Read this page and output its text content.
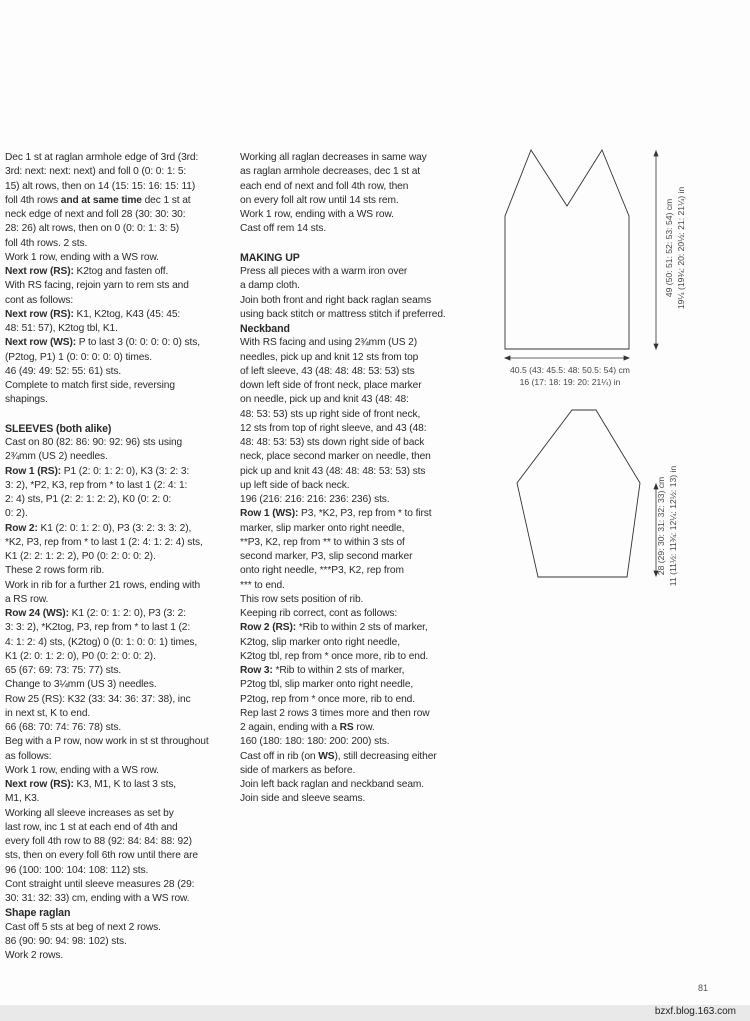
Dec 1 st at raglan armhole edge of 3rd (3rd:
3rd: next: next: next) and foll 0 (0: 0: 1: 5:
15) alt rows, then on 14 (15: 15: 16: 15: 11)
foll 4th rows and at same time dec 1 st at
neck edge of next and foll 28 (30: 30: 30:
28: 26) alt rows, then on 0 (0: 0: 1: 3: 5)
foll 4th rows. 2 sts.
Work 1 row, ending with a WS row.
Next row (RS): K2tog and fasten off.
With RS facing, rejoin yarn to rem sts and
cont as follows:
Next row (RS): K1, K2tog, K43 (45: 45:
48: 51: 57), K2tog tbl, K1.
Next row (WS): P to last 3 (0: 0: 0: 0: 0) sts,
(P2tog, P1) 1 (0: 0: 0: 0: 0) times.
46 (49: 49: 52: 55: 61) sts.
Complete to match first side, reversing
shapings.
SLEEVES (both alike)
Cast on 80 (82: 86: 90: 92: 96) sts using
2¾mm (US 2) needles.
Row 1 (RS): P1 (2: 0: 1: 2: 0), K3 (3: 2: 3:
3: 2), *P2, K3, rep from * to last 1 (2: 4: 1:
2: 4) sts, P1 (2: 2: 1: 2: 2), K0 (0: 2: 0:
0: 2).
Row 2: K1 (2: 0: 1: 2: 0), P3 (3: 2: 3: 3: 2),
*K2, P3, rep from * to last 1 (2: 4: 1: 2: 4) sts,
K1 (2: 2: 1: 2: 2), P0 (0: 2: 0: 0: 2).
These 2 rows form rib.
Work in rib for a further 21 rows, ending with
a RS row.
Row 24 (WS): K1 (2: 0: 1: 2: 0), P3 (3: 2:
3: 3: 2), *K2tog, P3, rep from * to last 1 (2:
4: 1: 2: 4) sts, (K2tog) 0 (0: 1: 0: 0: 1) times,
K1 (2: 0: 1: 2: 0), P0 (0: 2: 0: 0: 2).
65 (67: 69: 73: 75: 77) sts.
Change to 3¼mm (US 3) needles.
Row 25 (RS): K32 (33: 34: 36: 37: 38), inc
in next st, K to end.
66 (68: 70: 74: 76: 78) sts.
Beg with a P row, now work in st st throughout
as follows:
Work 1 row, ending with a WS row.
Next row (RS): K3, M1, K to last 3 sts,
M1, K3.
Working all sleeve increases as set by
last row, inc 1 st at each end of 4th and
every foll 4th row to 88 (92: 84: 84: 88: 92)
sts, then on every foll 6th row until there are
96 (100: 100: 104: 108: 112) sts.
Cont straight until sleeve measures 28 (29:
30: 31: 32: 33) cm, ending with a WS row.
Shape raglan
Cast off 5 sts at beg of next 2 rows.
86 (90: 90: 94: 98: 102) sts.
Work 2 rows.
Working all raglan decreases in same way
as raglan armhole decreases, dec 1 st at
each end of next and foll 4th row, then
on every foll alt row until 14 sts rem.
Work 1 row, ending with a WS row.
Cast off rem 14 sts.
MAKING UP
Press all pieces with a warm iron over
a damp cloth.
Join both front and right back raglan seams
using back stitch or mattress stitch if preferred.
Neckband
With RS facing and using 2¾mm (US 2)
needles, pick up and knit 12 sts from top
of left sleeve, 43 (48: 48: 48: 53: 53) sts
down left side of front neck, place marker
on needle, pick up and knit 43 (48: 48:
48: 53: 53) sts up right side of front neck,
12 sts from top of right sleeve, and 43 (48:
48: 48: 53: 53) sts down right side of back
neck, place second marker on needle, then
pick up and knit 43 (48: 48: 48: 53: 53) sts
up left side of back neck.
196 (216: 216: 216: 236: 236) sts.
Row 1 (WS): P3, *K2, P3, rep from * to first
marker, slip marker onto right needle,
**P3, K2, rep from ** to within 3 sts of
second marker, P3, slip second marker
onto right needle, ***P3, K2, rep from
*** to end.
This row sets position of rib.
Keeping rib correct, cont as follows:
Row 2 (RS): *Rib to within 2 sts of marker,
K2tog, slip marker onto right needle,
K2tog tbl, rep from * once more, rib to end.
Row 3: *Rib to within 2 sts of marker,
P2tog tbl, slip marker onto right needle,
P2tog, rep from * once more, rib to end.
Rep last 2 rows 3 times more and then row
2 again, ending with a RS row.
160 (180: 180: 180: 200: 200) sts.
Cast off in rib (on WS), still decreasing either
side of markers as before.
Join left back raglan and neckband seam.
Join side and sleeve seams.
40.5 (43: 45.5: 48: 50.5: 54) cm
16 (17: 18: 19: 20: 21¼) in
49 (50: 51: 52: 53: 54) cm 19¼ (19¾: 20: 20½: 21: 21¼) in
28 (29: 30: 31: 32: 33) cm 11 (11½: 11¾: 12¼: 12½: 13) in
81
bzxf.blog.163.com
